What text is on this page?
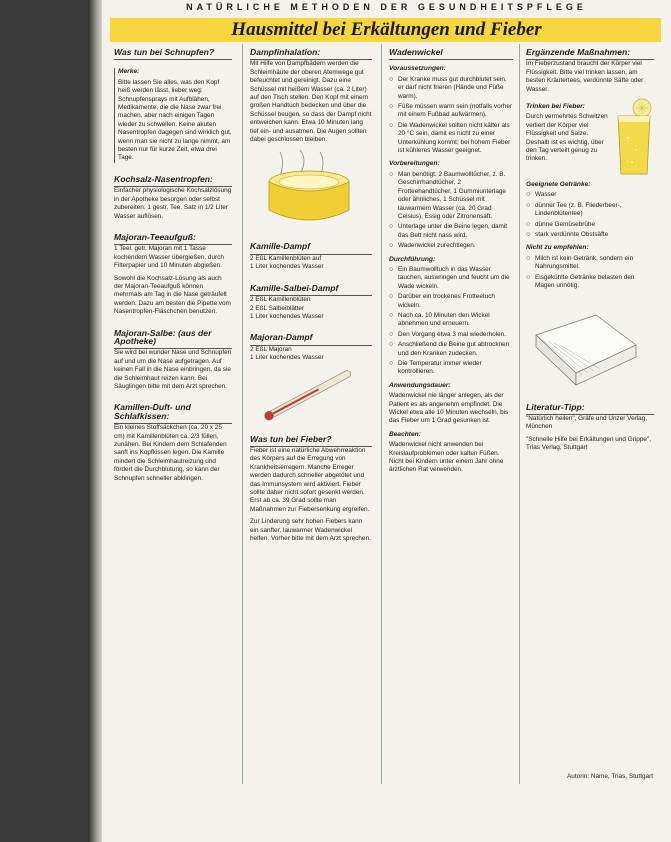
NATÜRLICHE METHODEN DER GESUNDHEITSPFLEGE
Hausmittel bei Erkältungen und Fieber
Was tun bei Schnupfen?
Merke:

Bitte lassen Sie alles, was den Kopf heiß werden lässt, lieber weg: Schnupfensprays mit Aufblähen, Medikamente, die die Nase zwar frei machen, aber nach einigen Tagen wieder zu schwellen. Keine akuten Nasentropfen dagegen sind wirklich gut, wenn man sie nicht zu lange nimmt, am besten nur für kurze Zeit, etwa drei Tage.

Kochsalz-Nasentropfen:

Einfacher physiologische Kochsalzlösung in der Apotheke besorgen oder selbst zubereiten: 1 gestr. Tee. Salz in 1/2 Liter Wasser auflösen.

Majoran-Teeaufguß:

1 Teel. getr. Majoran mit 1 Tasse kochendem Wasser übergießen, durch Filterpapier und 10 Minuten abgießen.

Sowohl die Kochsalz-Lösung als auch der Majoran-Teeaufguß können mehrmals am Tag in die Nase geträufelt werden. Dazu am besten die Pipette vom Nasentropfen-Fläschchen benutzen.

Majoran-Salbe: (aus der Apotheke)

Sie wird bei wunder Nase und Schnupfen auf und um die Nase aufgetragen. Auf keinen Fall in die Nase einbringen, da sie die Schleimhaut reizen kann. Bei Säuglingen bitte mit dem Arzt sprechen.

Kamillen-Duft- und Schlafkissen:

Ein kleines Stoffsäckchen (ca. 20 x 25 cm) mit Kamillenblüten ca. 2/3 füllen, zunähen. Bei Kindern dem Schlafenden sanft ins Kopfkissen legen. Die Kamille mindert die Schleimhautreizung und fördert die Durchblutung, so kann der Schnupfen schneller abklingen.

Dampfinhalation:

Mit Hilfe von Dampfbädern werden die Schleimhäute der oberen Atemwege gut befeuchtet und gereinigt. Dazu eine Schüssel mit heißem Wasser (ca. 2 Liter) auf den Tisch stellen. Den Kopf mit einem großen Handtuch bedecken und über die Schüssel beugen, so dass der Dampf nicht entweichen kann. Etwa 10 Minuten lang tief ein- und ausatmen. Die Augen sollten dabei geschlossen bleiben.

Kamille-Dampf

2 EßL Kamillenblüten auf

1 Liter kochendes Wasser

Kamille-Salbei-Dampf

2 EßL Kamillenblüten

2 EßL Salbeiblätter

1 Liter kochendes Wasser

Majoran-Dampf

2 EßL Majoran

1 Liter kochendes Wasser

Was tun bei Fieber?

Fieber ist eine natürliche Abwehrreaktion des Körpers auf die Erregung von Krankheitserregern. Manche Erreger werden dadurch schneller abgetötet und das Immunsystem wird aktiviert. Fieber sollte daher nicht sofort gesenkt werden. Erst ab ca. 39 Grad sollte man Maßnahmen zur Fiebersenkung ergreifen.

Zur Linderung sehr hohen Fiebers kann ein sanfter, lauwarmer Wadenwickel helfen. Vorher bitte mit dem Arzt sprechen.

Wadenwickel
Voraussetzungen:
○ Der Kranke muss gut durchblutet sein, er darf nicht frieren (Hände und Füße warm).
○ Füße müssen warm sein (notfalls vorher mit einem Fußbad aufwärmen).
○ Die Wadenwickel sollten nicht kälter als 20 °C sein, damit es nicht zu einer Unterkühlung kommt; bei hohem Fieber ist kühleres Wasser geeignet.
Vorbereitungen:
○ Man benötigt: 2 Baumwolltücher, z. B. Geschirrhandtücher, 2 Frotteehandtücher, 1 Gummiunterlage oder ähnliches, 1 Schüssel mit lauwarmem Wasser (ca. 20 Grad Celsius), Essig oder Zitronensaft.
○ Unterlage unter die Beine legen, damit das Bett nicht nass wird.
○ Wadenwickel zurechtlegen.
Durchführung:
○ Ein Baumwolltuch in das Wasser tauchen, auswringen und feucht um die Wade wickeln.
○ Darüber ein trockenes Frotteetuch wickeln.
○ Nach ca. 10 Minuten den Wickel abnehmen und erneuern.
○ Den Vorgang etwa 3 mal wiederholen.
○ Anschließend die Beine gut abtrocknen und den Kranken zudecken.
○ Die Temperatur immer wieder kontrollieren.
Anwendungsdauer:

Wadenwickel nie länger anlegen, als der Patient es als angenehm empfindet. Die Wickel etwa alle 10 Minuten wechseln, bis das Fieber um 1 Grad gesunken ist.

Beachten:

Wadenwickel nicht anwenden bei Kreislaufproblemen oder kalten Füßen. Nicht bei Kindern unter einem Jahr ohne ärztlichen Rat verwenden.

Ergänzende Maßnahmen:

Im Fieberzustand braucht der Körper viel Flüssigkeit. Bitte viel trinken lassen, am besten Kräutertees, verdünnte Säfte oder Wasser.

Trinken bei Fieber:

Durch vermehrtes Schwitzen verliert der Körper viel Flüssigkeit und Salze. Deshalb ist es wichtig, über den Tag verteilt genug zu trinken.

Geeignete Getränke:
○ Wasser
○ dünner Tee (z. B. Fliederbeer-, Lindenblütentee)
○ dünne Gemüsebrühe
○ stark verdünnte Obstsäfte
Nicht zu empfehlen:
○ Milch ist kein Getränk, sondern ein Nahrungsmittel.
○ Eisgekühlte Getränke belasten den Magen unnötig.
Literatur-Tipp:

"Natürlich heilen", Gräfe und Unzer Verlag, München

"Schnelle Hilfe bei Erkältungen und Grippe", Trias Verlag, Stuttgart

Autorin: Name, Trias, Stuttgart
